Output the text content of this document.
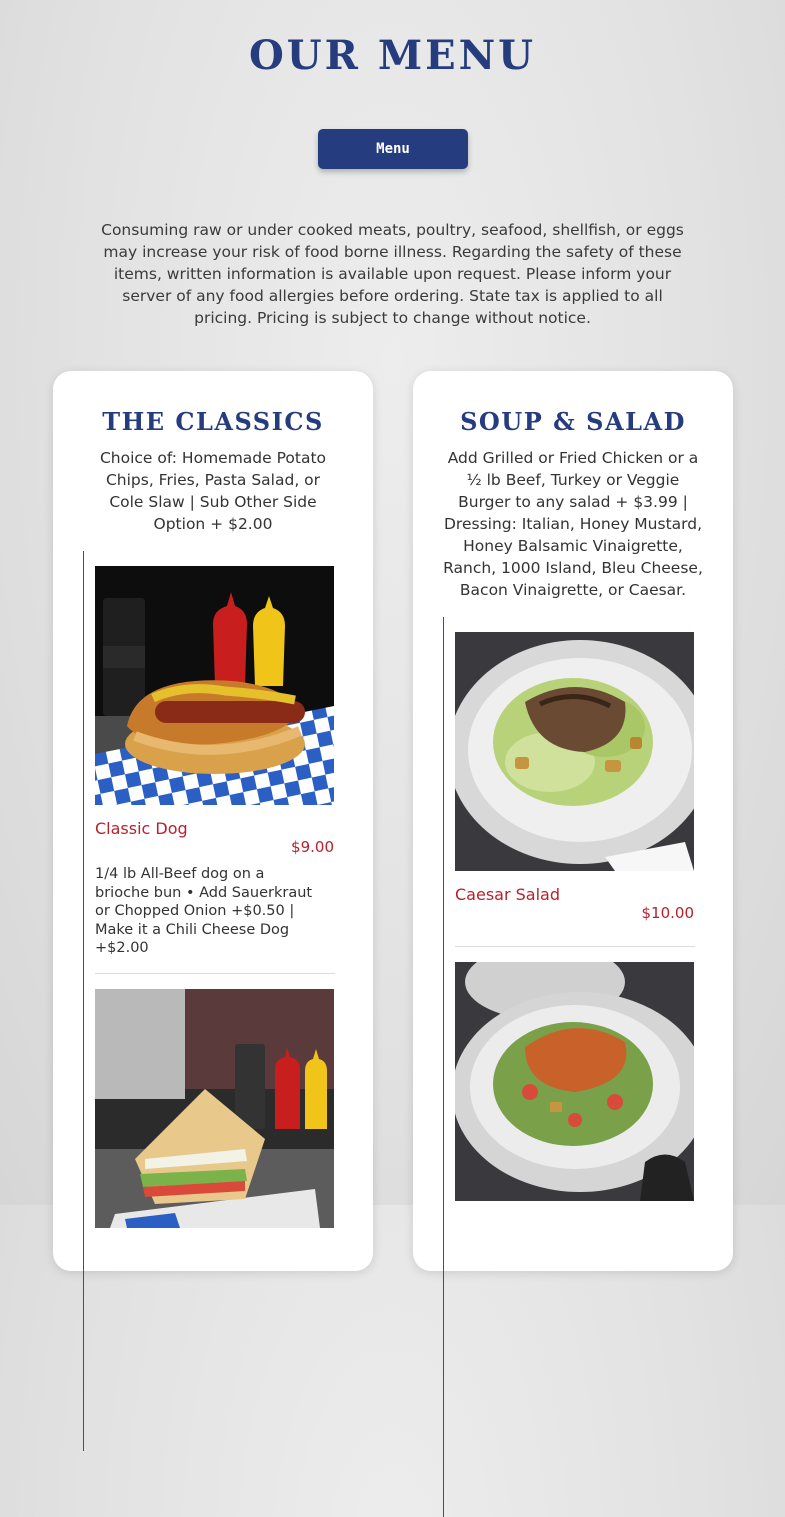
OUR MENU
Menu

Consuming raw or under cooked meats, poultry, seafood, shellfish, or eggs may increase your risk of food borne illness. Regarding the safety of these items, written information is available upon request. Please inform your server of any food allergies before ordering. State tax is applied to all pricing. Pricing is subject to change without notice.

THE CLASSICS

Choice of: Homemade Potato Chips, Fries, Pasta Salad, or Cole Slaw | Sub Other Side Option + $2.00

Classic Dog

$9.00

1/4 lb All-Beef dog on a brioche bun • Add Sauerkraut or Chopped Onion +$0.50 | Make it a Chili Cheese Dog +$2.00

SOUP & SALAD

Add Grilled or Fried Chicken or a ½ lb Beef, Turkey or Veggie Burger to any salad + $3.99 | Dressing: Italian, Honey Mustard, Honey Balsamic Vinaigrette, Ranch, 1000 Island, Bleu Cheese, Bacon Vinaigrette, or Caesar.

Caesar Salad

$10.00
